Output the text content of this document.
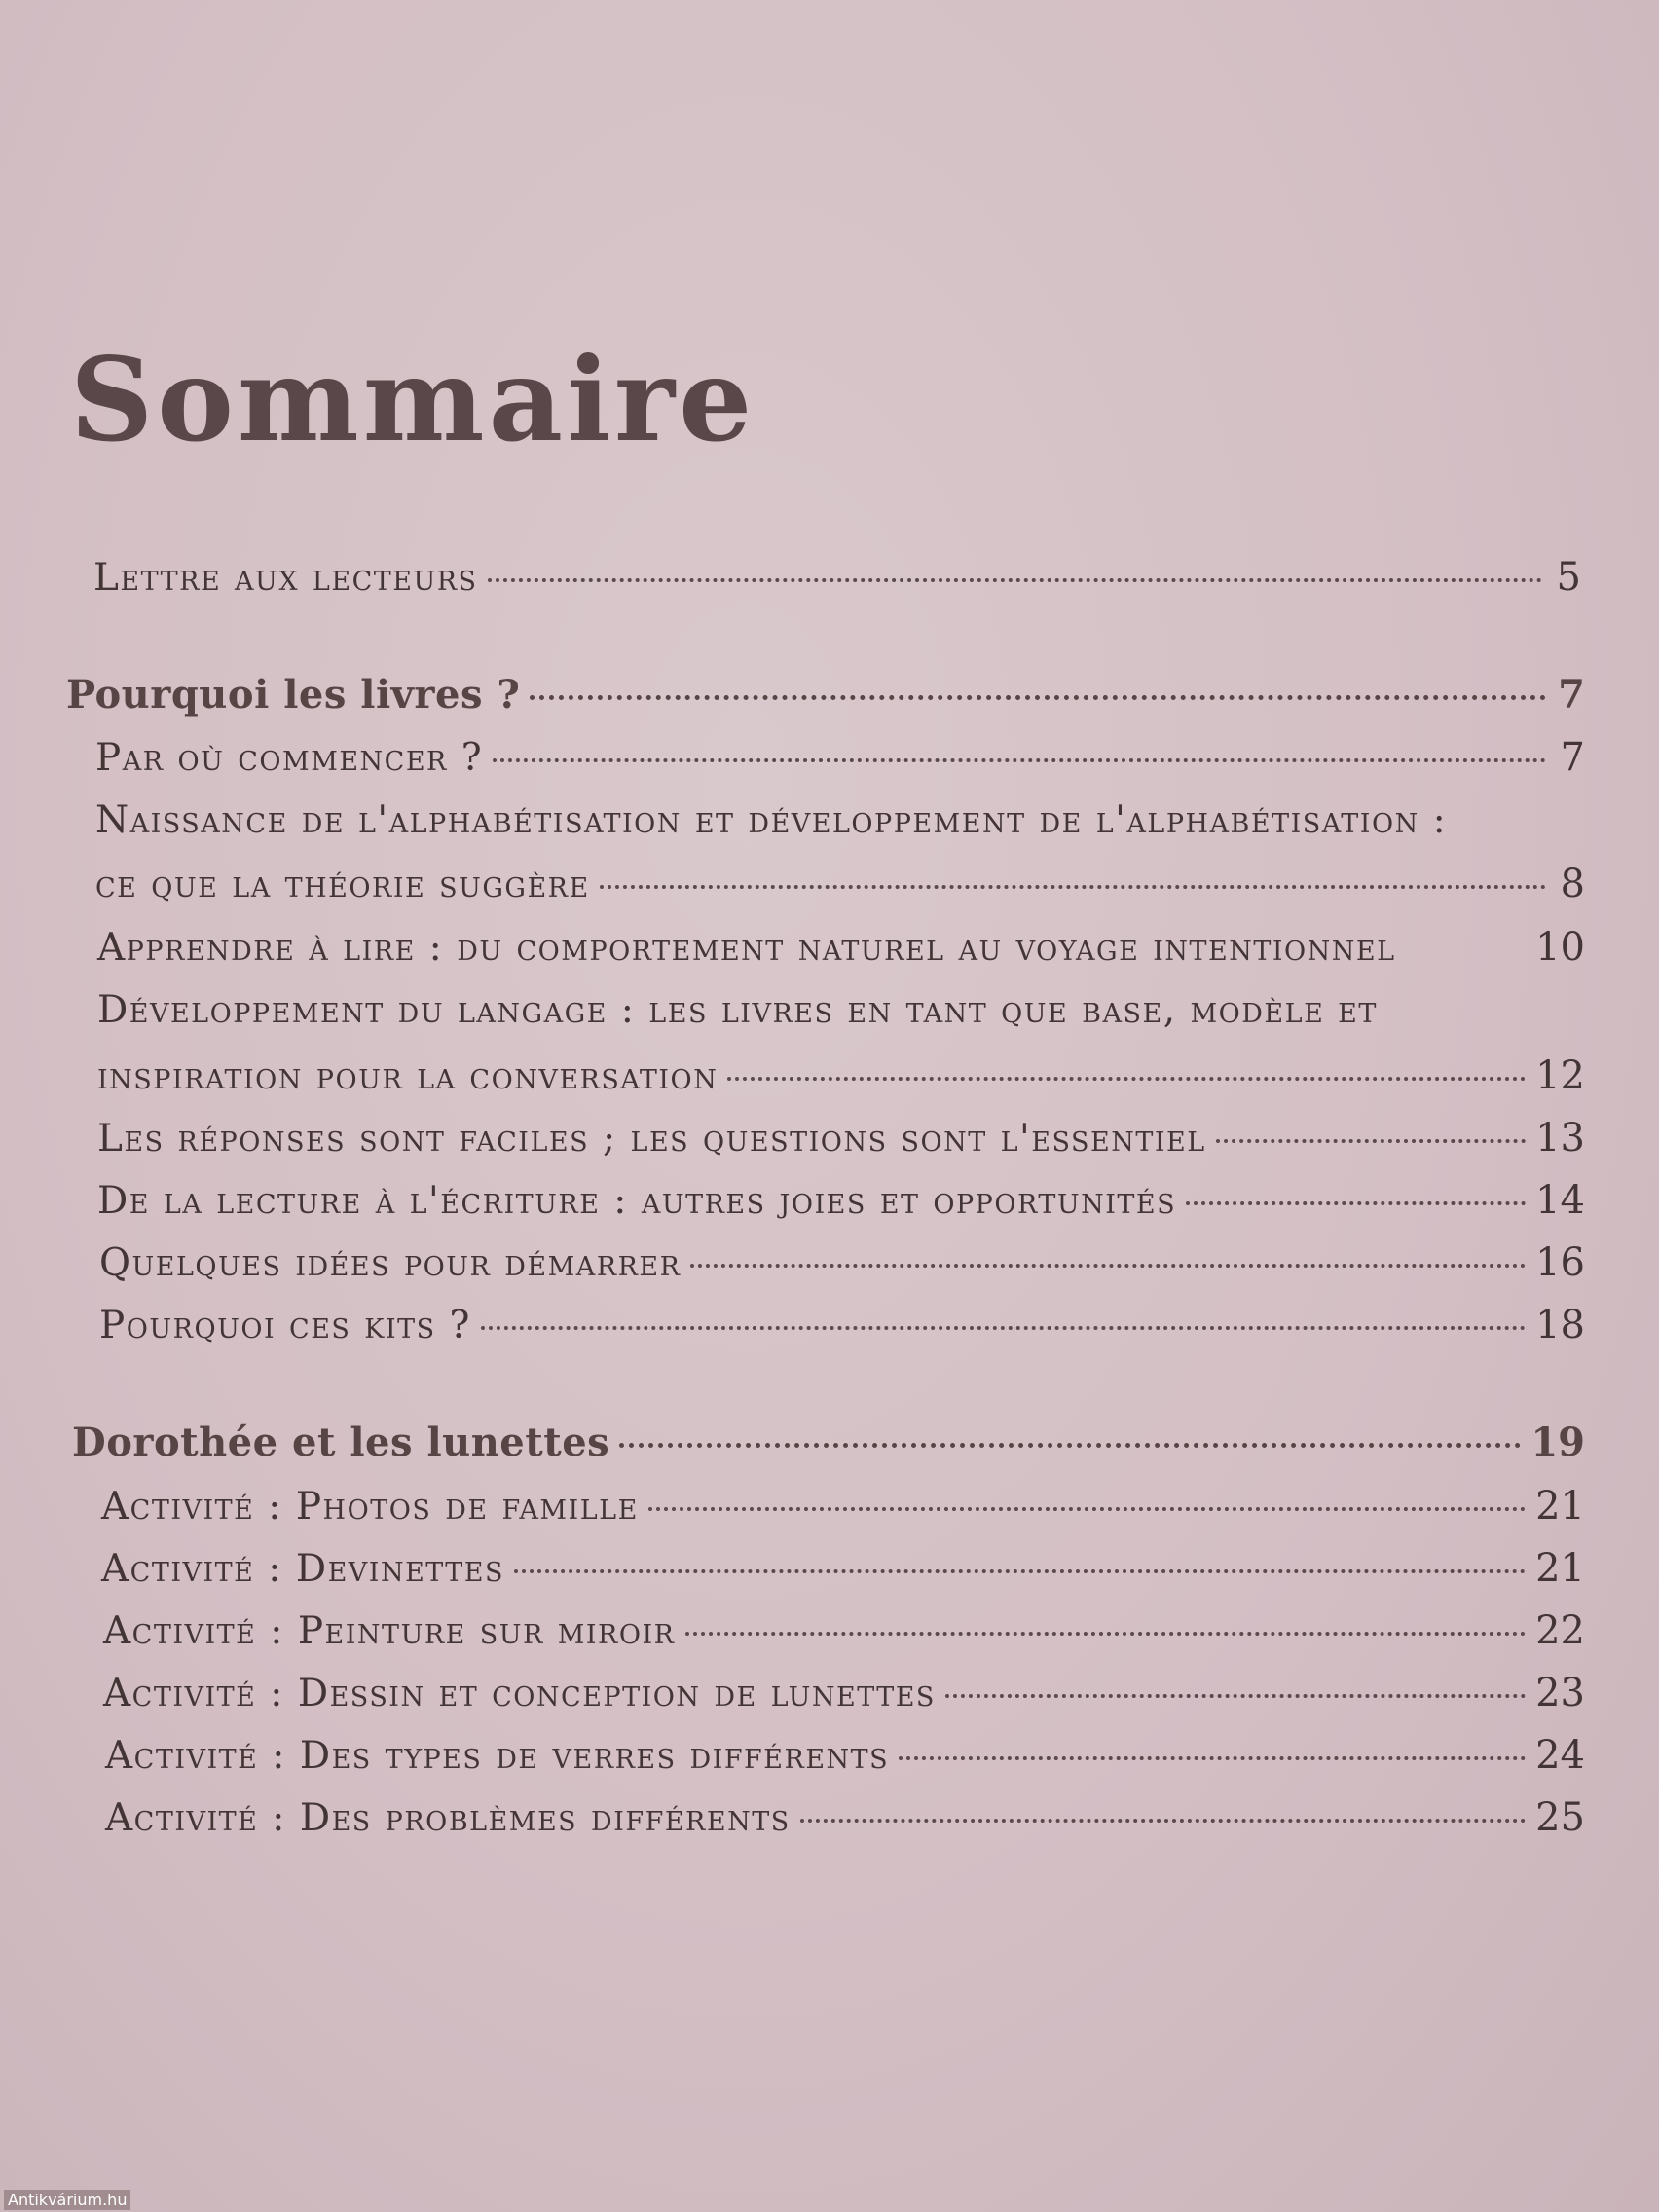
Sommaire
Lettre aux lecteurs	5
Pourquoi les livres ?	7
Par où commencer ?	7
Naissance de l'alphabétisation et développement de l'alphabétisation :
ce que la théorie suggère	8
Apprendre à lire : du comportement naturel au voyage intentionnel	10
Développement du langage : les livres en tant que base, modèle et
inspiration pour la conversation	12
Les réponses sont faciles ; les questions sont l'essentiel	13
De la lecture à l'écriture : autres joies et opportunités	14
Quelques idées pour démarrer	16
Pourquoi ces kits ?	18
Dorothée et les lunettes	19
Activité : Photos de famille	21
Activité : Devinettes	21
Activité : Peinture sur miroir	22
Activité : Dessin et conception de lunettes	23
Activité : Des types de verres différents	24
Activité : Des problèmes différents	25
Antikvárium.hu
